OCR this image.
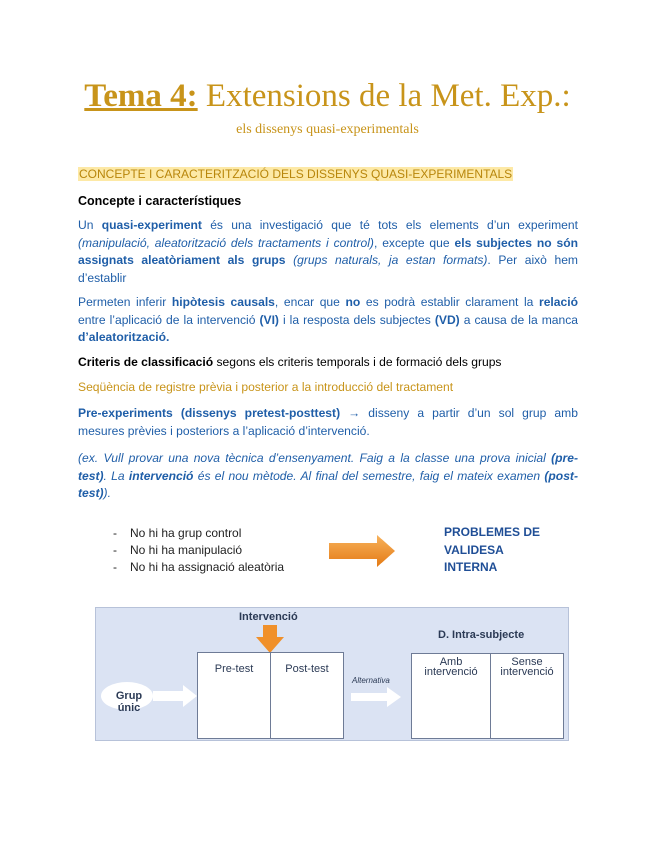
Tema 4: Extensions de la Met. Exp.:
els dissenys quasi-experimentals
CONCEPTE I CARACTERITZACIÓ DELS DISSENYS QUASI-EXPERIMENTALS
Concepte i característiques
Un quasi-experiment és una investigació que té tots els elements d’un experiment (manipulació, aleatorització dels tractaments i control), excepte que els subjectes no són assignats aleatòriament als grups (grups naturals, ja estan formats). Per això hem d’establir
Permeten inferir hipòtesis causals, encar que no es podrà establir clarament la relació entre l’aplicació de la intervenció (VI) i la resposta dels subjectes (VD) a causa de la manca d’aleatorització.
Criteris de classificació segons els criteris temporals i de formació dels grups
Seqüència de registre prèvia i posterior a la introducció del tractament
Pre-experiments (dissenys pretest-posttest) → disseny a partir d’un sol grup amb mesures prèvies i posteriors a l’aplicació d’intervenció.
(ex. Vull provar una nova tècnica d’ensenyament. Faig a la classe una prova inicial (pre-test). La intervenció és el nou mètode. Al final del semestre, faig el mateix examen (post-test)).
- No hi ha grup control
- No hi ha manipulació
- No hi ha assignació aleatòria
PROBLEMES DE
VALIDESA
INTERNA
Intervenció
Pre-test	Post-test
Grup únic
Alternativa
D. Intra-subjecte
Amb
intervenció
Sense
intervenció
